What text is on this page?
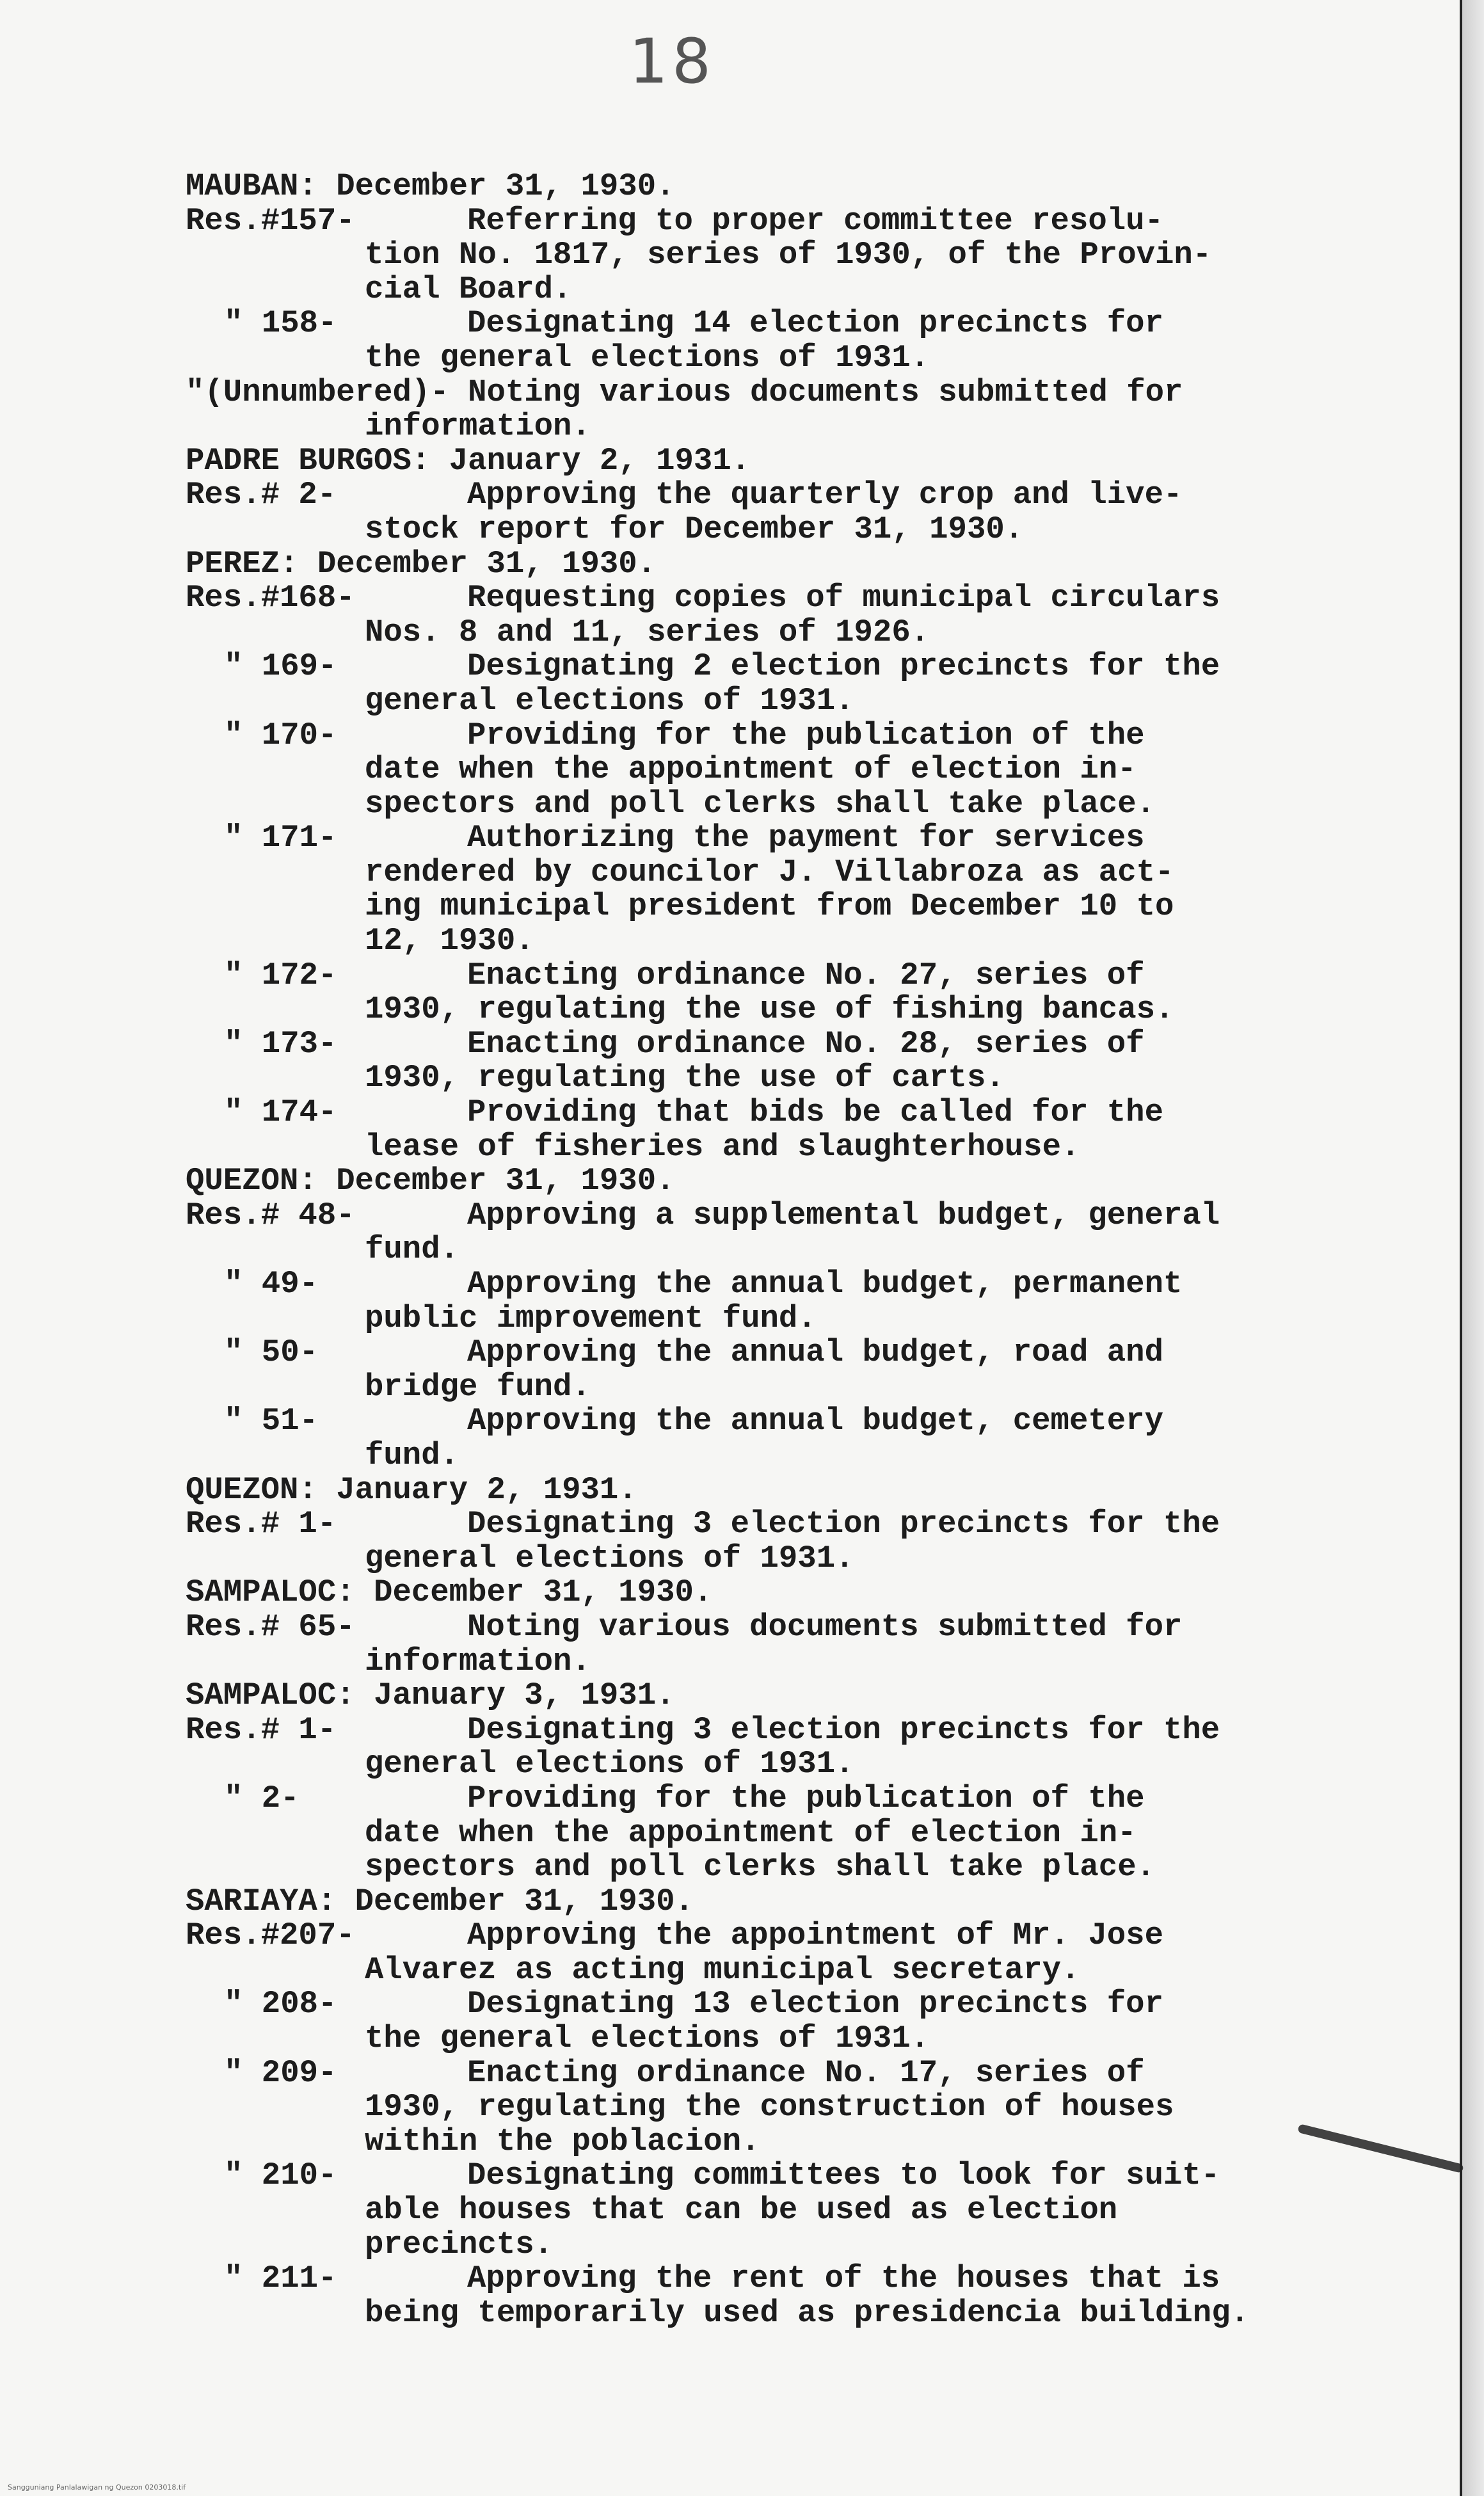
18
MAUBAN: December 31, 1930.
Res.#157-	Referring to proper committee resolu-
tion No. 1817, series of 1930, of the Provin-
cial Board.
" 158-	Designating 14 election precincts for
the general elections of 1931.
"(Unnumbered)- Noting various documents submitted for
information.
PADRE BURGOS: January 2, 1931.
Res.# 2-	Approving the quarterly crop and live-
stock report for December 31, 1930.
PEREZ: December 31, 1930.
Res.#168-	Requesting copies of municipal circulars
Nos. 8 and 11, series of 1926.
" 169-	Designating 2 election precincts for the
general elections of 1931.
" 170-	Providing for the publication of the
date when the appointment of election in-
spectors and poll clerks shall take place.
" 171-	Authorizing the payment for services
rendered by councilor J. Villabroza as act-
ing municipal president from December 10 to
12, 1930.
" 172-	Enacting ordinance No. 27, series of
1930, regulating the use of fishing bancas.
" 173-	Enacting ordinance No. 28, series of
1930, regulating the use of carts.
" 174-	Providing that bids be called for the
lease of fisheries and slaughterhouse.
QUEZON: December 31, 1930.
Res.# 48-	Approving a supplemental budget, general
fund.
" 49-	Approving the annual budget, permanent
public improvement fund.
" 50-	Approving the annual budget, road and
bridge fund.
" 51-	Approving the annual budget, cemetery
fund.
QUEZON: January 2, 1931.
Res.# 1-	Designating 3 election precincts for the
general elections of 1931.
SAMPALOC: December 31, 1930.
Res.# 65-	Noting various documents submitted for
information.
SAMPALOC: January 3, 1931.
Res.# 1-	Designating 3 election precincts for the
general elections of 1931.
" 2-	Providing for the publication of the
date when the appointment of election in-
spectors and poll clerks shall take place.
SARIAYA: December 31, 1930.
Res.#207-	Approving the appointment of Mr. Jose
Alvarez as acting municipal secretary.
" 208-	Designating 13 election precincts for
the general elections of 1931.
" 209-	Enacting ordinance No. 17, series of
1930, regulating the construction of houses
within the poblacion.
" 210-	Designating committees to look for suit-
able houses that can be used as election
precincts.
" 211-	Approving the rent of the houses that is
being temporarily used as presidencia building.
Sangguniang Panlalawigan ng Quezon 0203018.tif
